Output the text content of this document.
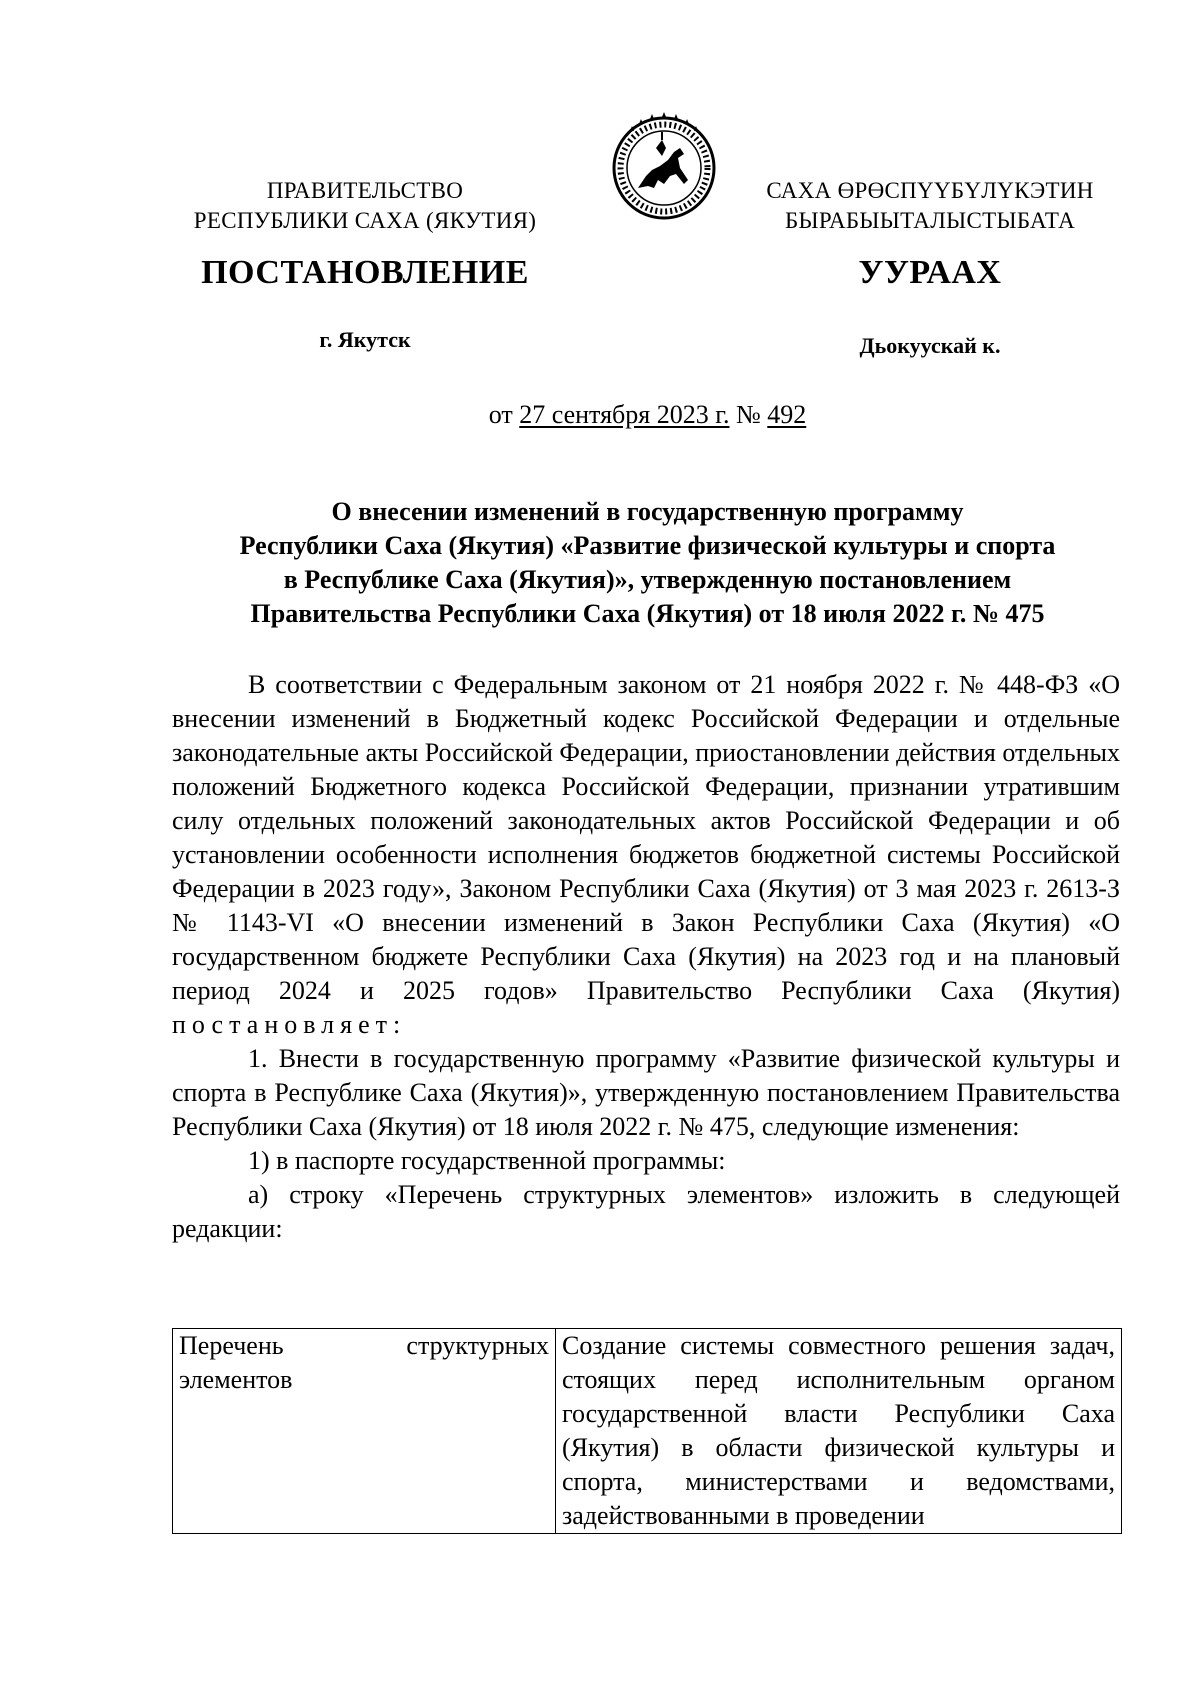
ПРАВИТЕЛЬСТВО
РЕСПУБЛИКИ САХА (ЯКУТИЯ)
САХА ӨРӨСПҮҮБҮЛҮКЭТИН
БЫРАБЫЫТАЛЫСТЫБАТА
ПОСТАНОВЛЕНИЕ	УУРААХ
г. Якутск	Дьокуускай к.
от 27 сентября 2023 г. № 492
О внесении изменений в государственную программу
Республики Саха (Якутия) «Развитие физической культуры и спорта
в Республике Саха (Якутия)», утвержденную постановлением
Правительства Республики Саха (Якутия) от 18 июля 2022 г. № 475

В соответствии с Федеральным законом от 21 ноября 2022 г. № 448-ФЗ «О внесении изменений в Бюджетный кодекс Российской Федерации и отдельные законодательные акты Российской Федерации, приостановлении действия отдельных положений Бюджетного кодекса Российской Федерации, признании утратившим силу отдельных положений законодательных актов Российской Федерации и об установлении особенности исполнения бюджетов бюджетной системы Российской Федерации в 2023 году», Законом Республики Саха (Якутия) от 3 мая 2023 г. 2613-З № 1143-VI «О внесении изменений в Закон Республики Саха (Якутия) «О государственном бюджете Республики Саха (Якутия) на 2023 год и на плановый период 2024 и 2025 годов» Правительство Республики Саха (Якутия) постановляет:

1. Внести в государственную программу «Развитие физической культуры и спорта в Республике Саха (Якутия)», утвержденную постановлением Правительства Республики Саха (Якутия) от 18 июля 2022 г. № 475, следующие изменения:

1) в паспорте государственной программы:

а) строку «Перечень структурных элементов» изложить в следующей редакции:

Перечень структурных элементов	Создание системы совместного решения задач, стоящих перед исполнительным органом государственной власти Республики Саха (Якутия) в области физической культуры и спорта, министерствами и ведомствами, задействованными в проведении
